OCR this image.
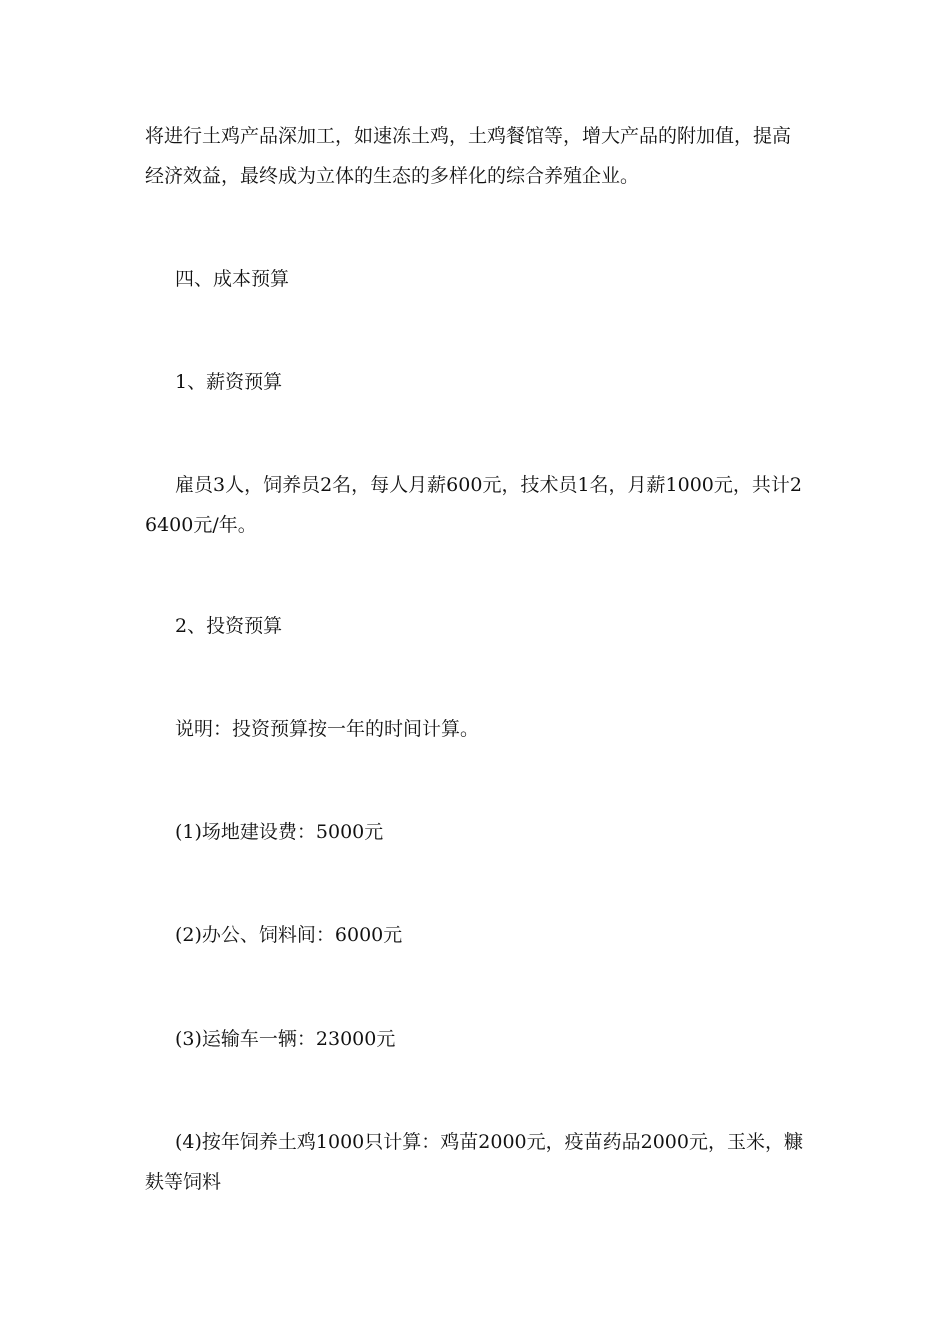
将进行土鸡产品深加工，如速冻土鸡，土鸡餐馆等，增大产品的附加值，提高经济效益，最终成为立体的生态的多样化的综合养殖企业。

四、成本预算

1、薪资预算

雇员3人，饲养员2名，每人月薪600元，技术员1名，月薪1000元，共计26400元/年。

2、投资预算

说明：投资预算按一年的时间计算。

(1)场地建设费：5000元

(2)办公、饲料间：6000元

(3)运输车一辆：23000元

(4)按年饲养土鸡1000只计算：鸡苗2000元，疫苗药品2000元，玉米，糠麸等饲料
